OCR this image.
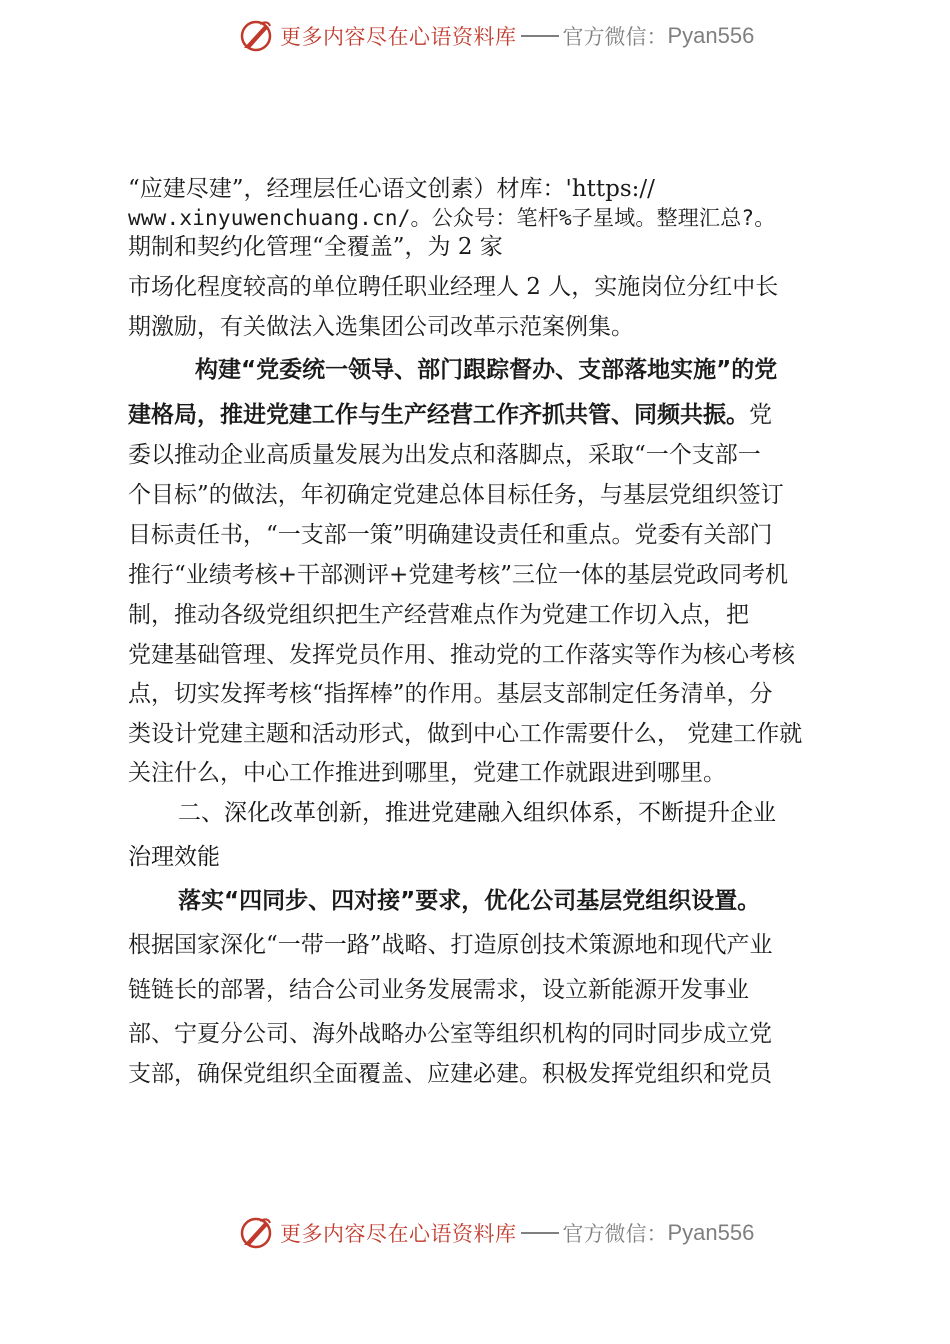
更多内容尽在心语资料库 官方微信： Pyan556
“应建尽建”，经理层任心语文创素）材库：'https://
www.xinyuwenchuang.cn/。公众号：笔杆%子星域。整理汇总?。
期制和契约化管理“全覆盖”，为 2 家
市场化程度较高的单位聘任职业经理人 2 人，实施岗位分红中长
期激励，有关做法入选集团公司改革示范案例集。
构建“党委统一领导、部门跟踪督办、支部落地实施”的党
建格局，推进党建工作与生产经营工作齐抓共管、同频共振。党
委以推动企业高质量发展为出发点和落脚点，采取“一个支部一
个目标”的做法，年初确定党建总体目标任务，与基层党组织签订
目标责任书，“一支部一策”明确建设责任和重点。党委有关部门
推行“业绩考核+干部测评+党建考核”三位一体的基层党政同考机
制，推动各级党组织把生产经营难点作为党建工作切入点，把
党建基础管理、发挥党员作用、推动党的工作落实等作为核心考核
点，切实发挥考核“指挥棒”的作用。基层支部制定任务清单，分
类设计党建主题和活动形式，做到中心工作需要什么， 党建工作就
关注什么，中心工作推进到哪里，党建工作就跟进到哪里。
二、深化改革创新，推进党建融入组织体系，不断提升企业
治理效能
落实“四同步、四对接”要求，优化公司基层党组织设置。
根据国家深化“一带一路”战略、打造原创技术策源地和现代产业
链链长的部署，结合公司业务发展需求，设立新能源开发事业
部、宁夏分公司、海外战略办公室等组织机构的同时同步成立党
支部，确保党组织全面覆盖、应建必建。积极发挥党组织和党员
更多内容尽在心语资料库 官方微信： Pyan556
